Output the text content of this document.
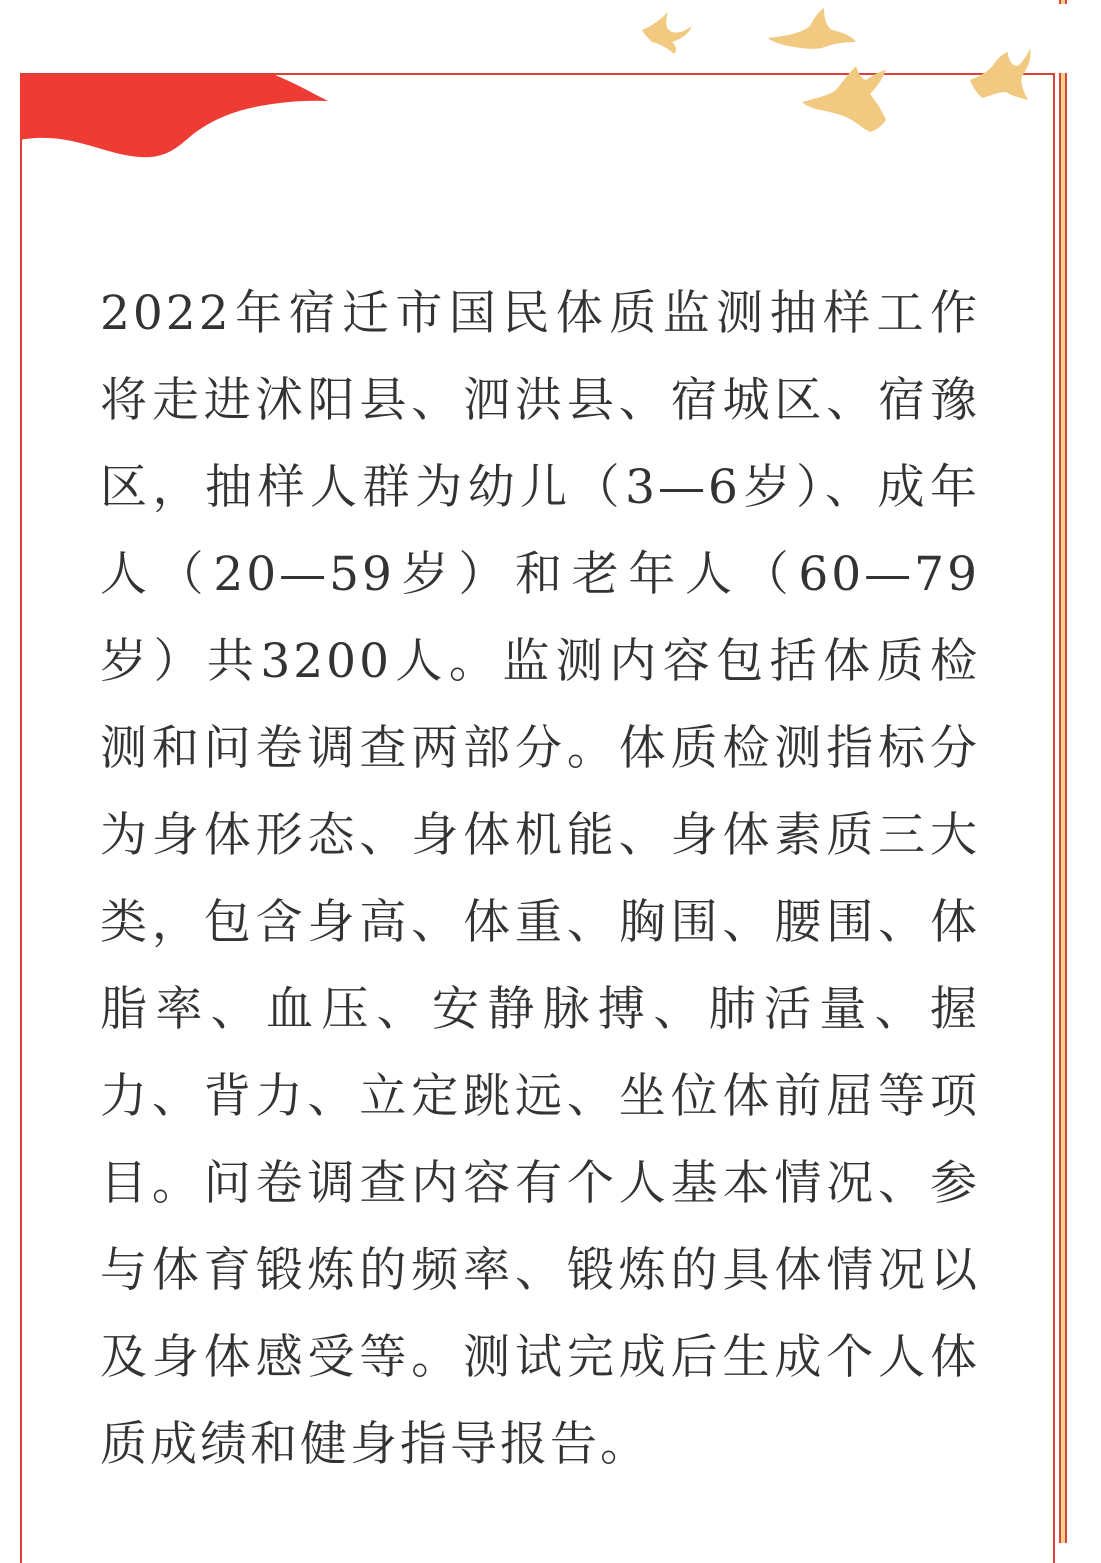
2022年宿迁市国民体质监测抽样工作将走进沭阳县、泗洪县、宿城区、宿豫区，抽样人群为幼儿（3—6岁）、成年人（20—59岁）和老年人（60—79岁）共3200人。监测内容包括体质检测和问卷调查两部分。体质检测指标分为身体形态、身体机能、身体素质三大类，包含身高、体重、胸围、腰围、体脂率、血压、安静脉搏、肺活量、握力、背力、立定跳远、坐位体前屈等项目。问卷调查内容有个人基本情况、参与体育锻炼的频率、锻炼的具体情况以及身体感受等。测试完成后生成个人体质成绩和健身指导报告。
